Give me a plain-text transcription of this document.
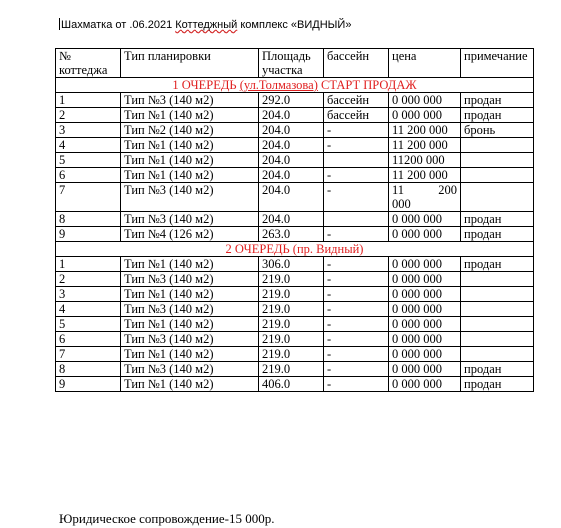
Шахматка от .06.2021 Коттеджный комплекс «ВИДНЫЙ»
№ коттеджа	Тип планировки	Площадь участка	бассейн	цена	примечание
1 ОЧЕРЕДЬ (ул.Толмазова) СТАРТ ПРОДАЖ					
1	Тип №3 (140 м2)	292.0	бассейн	0 000 000	продан
2	Тип №1 (140 м2)	204.0	бассейн	0 000 000	продан
3	Тип №2 (140 м2)	204.0	-	11 200 000	бронь
4	Тип №1 (140 м2)	204.0	-	11 200 000	
5	Тип №1 (140 м2)	204.0		11200 000	
6	Тип №1 (140 м2)	204.0	-	11 200 000	
7	Тип №3 (140 м2)	204.0	-	11 200
000	

8	Тип №3 (140 м2)	204.0		0 000 000	продан
9	Тип №4 (126 м2)	263.0	-	0 000 000	продан
2 ОЧЕРЕДЬ (пр. Видный)					
1	Тип №1 (140 м2)	306.0	-	0 000 000	продан
2	Тип №3 (140 м2)	219.0	-	0 000 000	
3	Тип №1 (140 м2)	219.0	-	0 000 000	
4	Тип №3 (140 м2)	219.0	-	0 000 000	
5	Тип №1 (140 м2)	219.0	-	0 000 000	
6	Тип №3 (140 м2)	219.0	-	0 000 000	
7	Тип №1 (140 м2)	219.0	-	0 000 000	
8	Тип №3 (140 м2)	219.0	-	0 000 000	продан
9	Тип №1 (140 м2)	406.0	-	0 000 000	продан
Юридическое сопровождение-15 000р.
